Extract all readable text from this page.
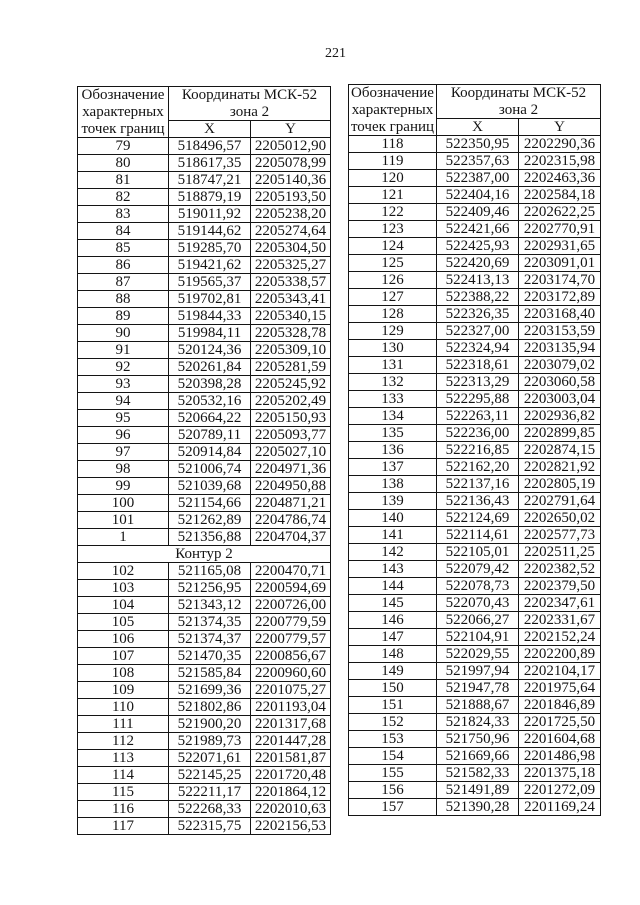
221
Обозначение
характерных
точек границ
Координаты МСК-52
зона 2
X	Y
79	518496,57 2205012,90
80	518617,35 2205078,99
81	518747,21 2205140,36
82	518879,19 2205193,50
83	519011,92 2205238,20
84	519144,62 2205274,64
85	519285,70 2205304,50
86	519421,62 2205325,27
87	519565,37 2205338,57
88	519702,81 2205343,41
89	519844,33 2205340,15
90	519984,11 2205328,78
91	520124,36 2205309,10
92	520261,84 2205281,59
93	520398,28 2205245,92
94	520532,16 2205202,49
95	520664,22 2205150,93
96	520789,11 2205093,77
97	520914,84 2205027,10
98	521006,74 2204971,36
99	521039,68 2204950,88
100	521154,66 2204871,21
101	521262,89 2204786,74
1	521356,88 2204704,37
Контур 2
102	521165,08 2200470,71
103	521256,95 2200594,69
104	521343,12 2200726,00
105	521374,35 2200779,59
106	521374,37 2200779,57
107	521470,35 2200856,67
108	521585,84 2200960,60
109	521699,36 2201075,27
110	521802,86 2201193,04
111	521900,20 2201317,68
112	521989,73 2201447,28
113	522071,61 2201581,87
114	522145,25 2201720,48
115	522211,17 2201864,12
116	522268,33 2202010,63
117	522315,75 2202156,53
Обозначение
характерных
точек границ
Координаты МСК-52
зона 2
X	Y
118	522350,95 2202290,36
119	522357,63 2202315,98
120	522387,00 2202463,36
121	522404,16 2202584,18
122	522409,46 2202622,25
123	522421,66 2202770,91
124	522425,93 2202931,65
125	522420,69 2203091,01
126	522413,13 2203174,70
127	522388,22 2203172,89
128	522326,35 2203168,40
129	522327,00 2203153,59
130	522324,94 2203135,94
131	522318,61 2203079,02
132	522313,29 2203060,58
133	522295,88 2203003,04
134	522263,11 2202936,82
135	522236,00 2202899,85
136	522216,85 2202874,15
137	522162,20 2202821,92
138	522137,16 2202805,19
139	522136,43 2202791,64
140	522124,69 2202650,02
141	522114,61 2202577,73
142	522105,01 2202511,25
143	522079,42 2202382,52
144	522078,73 2202379,50
145	522070,43 2202347,61
146	522066,27 2202331,67
147	522104,91 2202152,24
148	522029,55 2202200,89
149	521997,94 2202104,17
150	521947,78 2201975,64
151	521888,67 2201846,89
152	521824,33 2201725,50
153	521750,96 2201604,68
154	521669,66 2201486,98
155	521582,33 2201375,18
156	521491,89 2201272,09
157	521390,28 2201169,24
